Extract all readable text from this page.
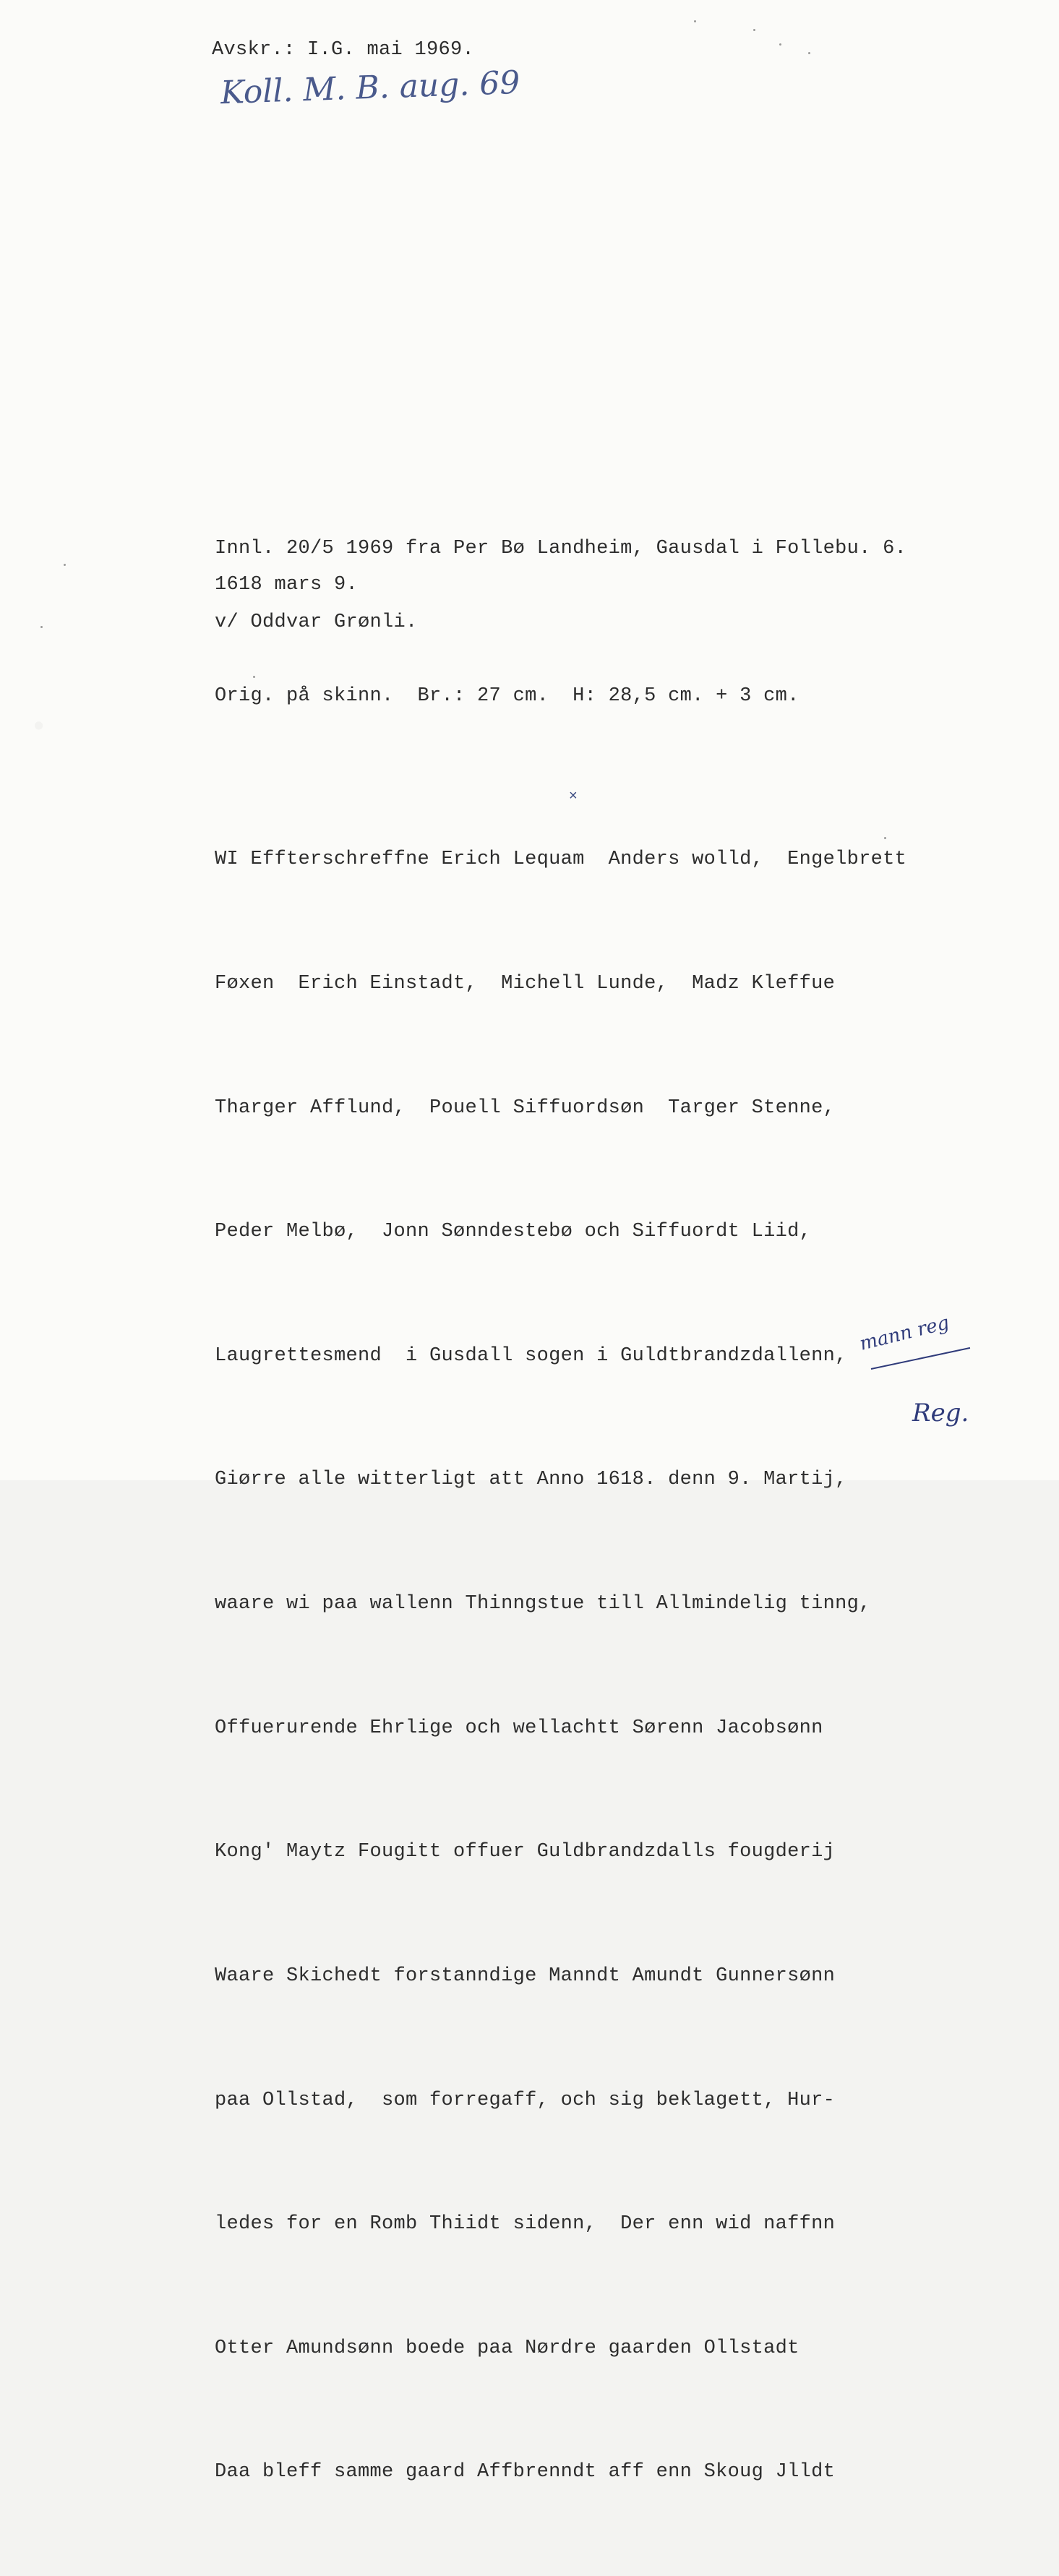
·

Avskr.: I.G. mai 1969.

Koll. M. B. aug. 69

Innl. 20/5 1969 fra Per Bø Landheim, Gausdal i Follebu. 6.

v/ Oddvar Grønli.

Orig. på skinn.  Br.: 27 cm.  H: 28,5 cm. + 3 cm.

1618 mars 9.

×

WI Effterschreffne Erich Lequam  Anders wolld,  Engelbrett

Føxen  Erich Einstadt,  Michell Lunde,  Madz Kleffue

Tharger Afflund,  Pouell Siffuordsøn  Targer Stenne,

Peder Melbø,  Jonn Sønndestebø och Siffuordt Liid,

Laugrettesmend  i Gusdall sogen i Guldtbrandzdallenn,

Giørre alle witterligt att Anno 1618. denn 9. Martij,

waare wi paa wallenn Thinngstue till Allmindelig tinng,

Offuerurende Ehrlige och wellachtt Sørenn Jacobsønn

Kong' Maytz Fougitt offuer Guldbrandzdalls fougderij

Waare Skichedt forstanndige Manndt Amundt Gunnersønn

paa Ollstad,  som forregaff, och sig beklagett, Hur-

ledes for en Romb Thiidt sidenn,  Der enn wid naffnn

Otter Amundsønn boede paa Nørdre gaarden Ollstadt

Daa bleff samme gaard Affbrenndt aff enn Skoug Jlldt

mann reg
Reg.
